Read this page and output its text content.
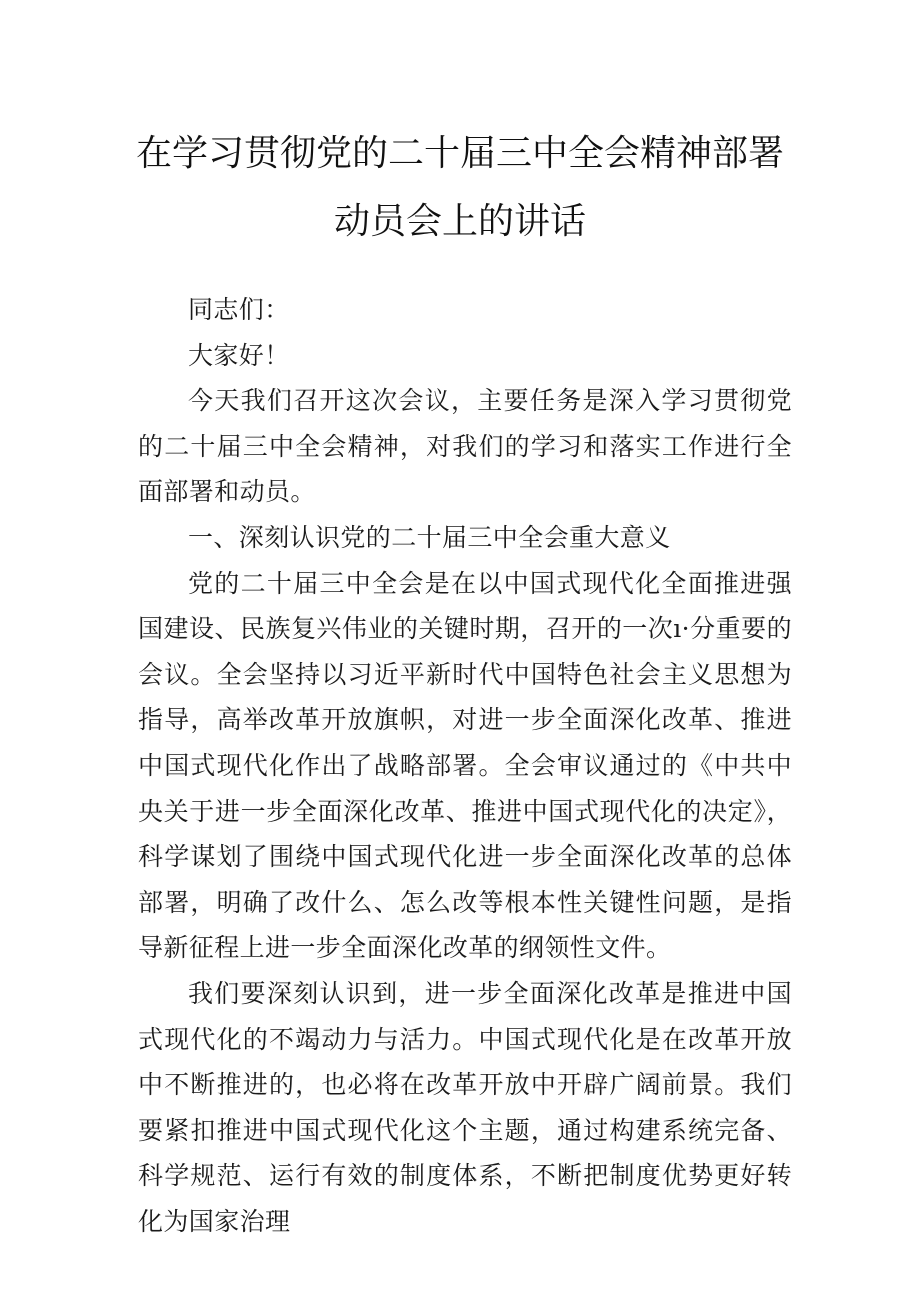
在学习贯彻党的二十届三中全会精神部署
动员会上的讲话

同志们：

大家好！

今天我们召开这次会议，主要任务是深入学习贯彻党的二十届三中全会精神，对我们的学习和落实工作进行全面部署和动员。

一、深刻认识党的二十届三中全会重大意义

党的二十届三中全会是在以中国式现代化全面推进强国建设、民族复兴伟业的关键时期，召开的一次ı·分重要的会议。全会坚持以习近平新时代中国特色社会主义思想为指导，高举改革开放旗帜，对进一步全面深化改革、推进中国式现代化作出了战略部署。全会审议通过的《中共中央关于进一步全面深化改革、推进中国式现代化的决定》，科学谋划了围绕中国式现代化进一步全面深化改革的总体部署，明确了改什么、怎么改等根本性关键性问题，是指导新征程上进一步全面深化改革的纲领性文件。

我们要深刻认识到，进一步全面深化改革是推进中国式现代化的不竭动力与活力。中国式现代化是在改革开放中不断推进的，也必将在改革开放中开辟广阔前景。我们要紧扣推进中国式现代化这个主题，通过构建系统完备、科学规范、运行有效的制度体系，不断把制度优势更好转化为国家治理
